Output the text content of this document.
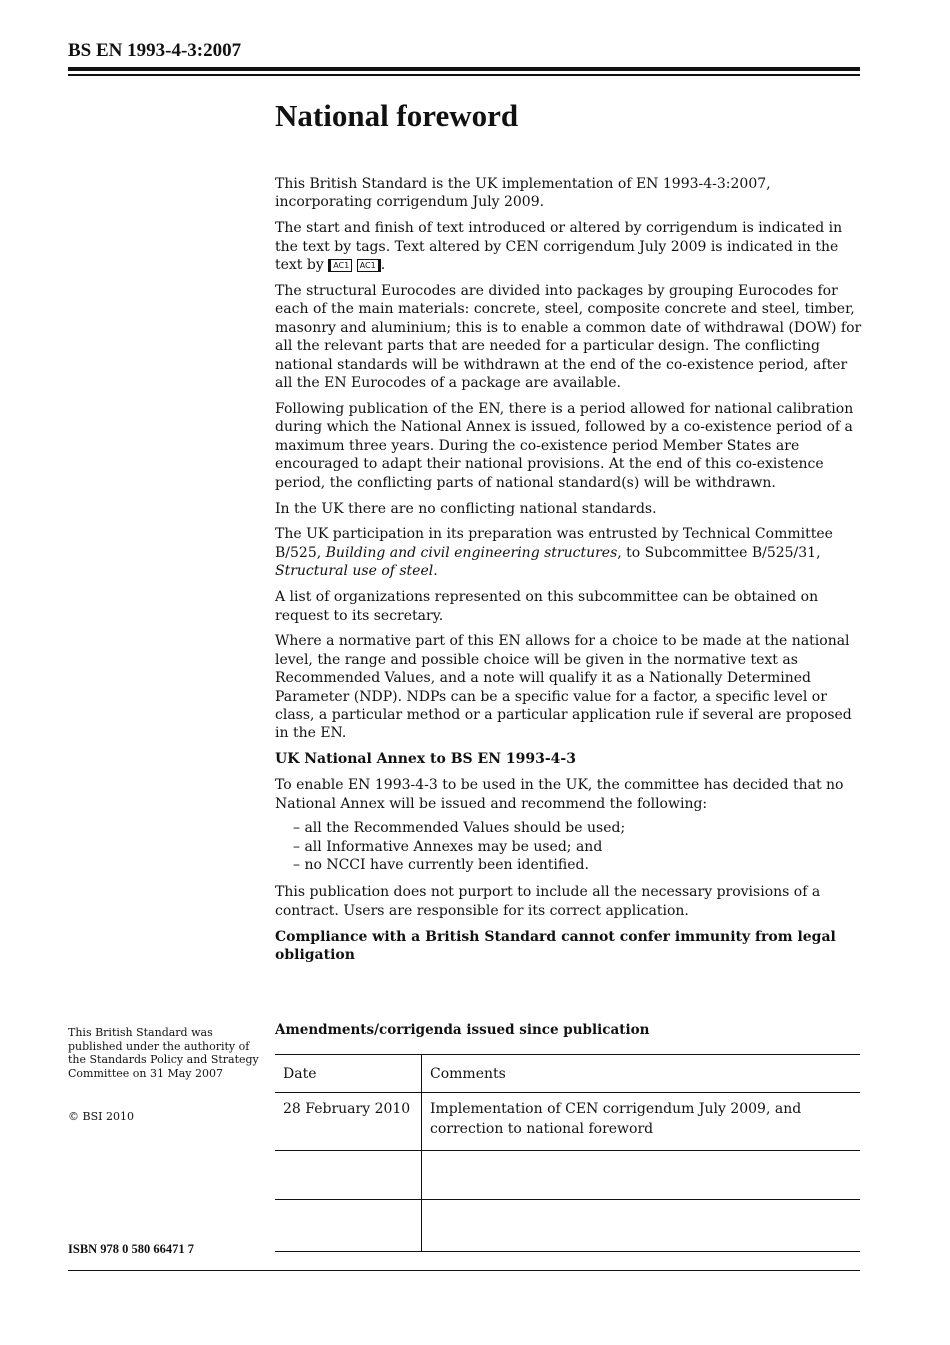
BS EN 1993-4-3:2007
National foreword

This British Standard is the UK implementation of EN 1993-4-3:2007, incorporating corrigendum July 2009.

The start and finish of text introduced or altered by corrigendum is indicated in the text by tags. Text altered by CEN corrigendum July 2009 is indicated in the text by AC1 AC1 .

The structural Eurocodes are divided into packages by grouping Eurocodes for each of the main materials: concrete, steel, composite concrete and steel, timber, masonry and aluminium; this is to enable a common date of withdrawal (DOW) for all the relevant parts that are needed for a particular design. The conflicting national standards will be withdrawn at the end of the co-existence period, after all the EN Eurocodes of a package are available.

Following publication of the EN, there is a period allowed for national calibration during which the National Annex is issued, followed by a co-existence period of a maximum three years. During the co-existence period Member States are encouraged to adapt their national provisions. At the end of this co-existence period, the conflicting parts of national standard(s) will be withdrawn.

In the UK there are no conflicting national standards.

The UK participation in its preparation was entrusted by Technical Committee B/525, Building and civil engineering structures, to Subcommittee B/525/31, Structural use of steel.

A list of organizations represented on this subcommittee can be obtained on request to its secretary.

Where a normative part of this EN allows for a choice to be made at the national level, the range and possible choice will be given in the normative text as Recommended Values, and a note will qualify it as a Nationally Determined Parameter (NDP). NDPs can be a specific value for a factor, a specific level or class, a particular method or a particular application rule if several are proposed in the EN.

UK National Annex to BS EN 1993-4-3

To enable EN 1993-4-3 to be used in the UK, the committee has decided that no National Annex will be issued and recommend the following:

– all the Recommended Values should be used;
– all Informative Annexes may be used; and
– no NCCI have currently been identified.

This publication does not purport to include all the necessary provisions of a contract. Users are responsible for its correct application.

Compliance with a British Standard cannot confer immunity from legal obligation

This British Standard was published under the authority of the Standards Policy and Strategy Committee on 31 May 2007
© BSI 2010
ISBN 978 0 580 66471 7
Amendments/corrigenda issued since publication
Date	Comments
28 February 2010	Implementation of CEN corrigendum July 2009, and correction to national foreword
